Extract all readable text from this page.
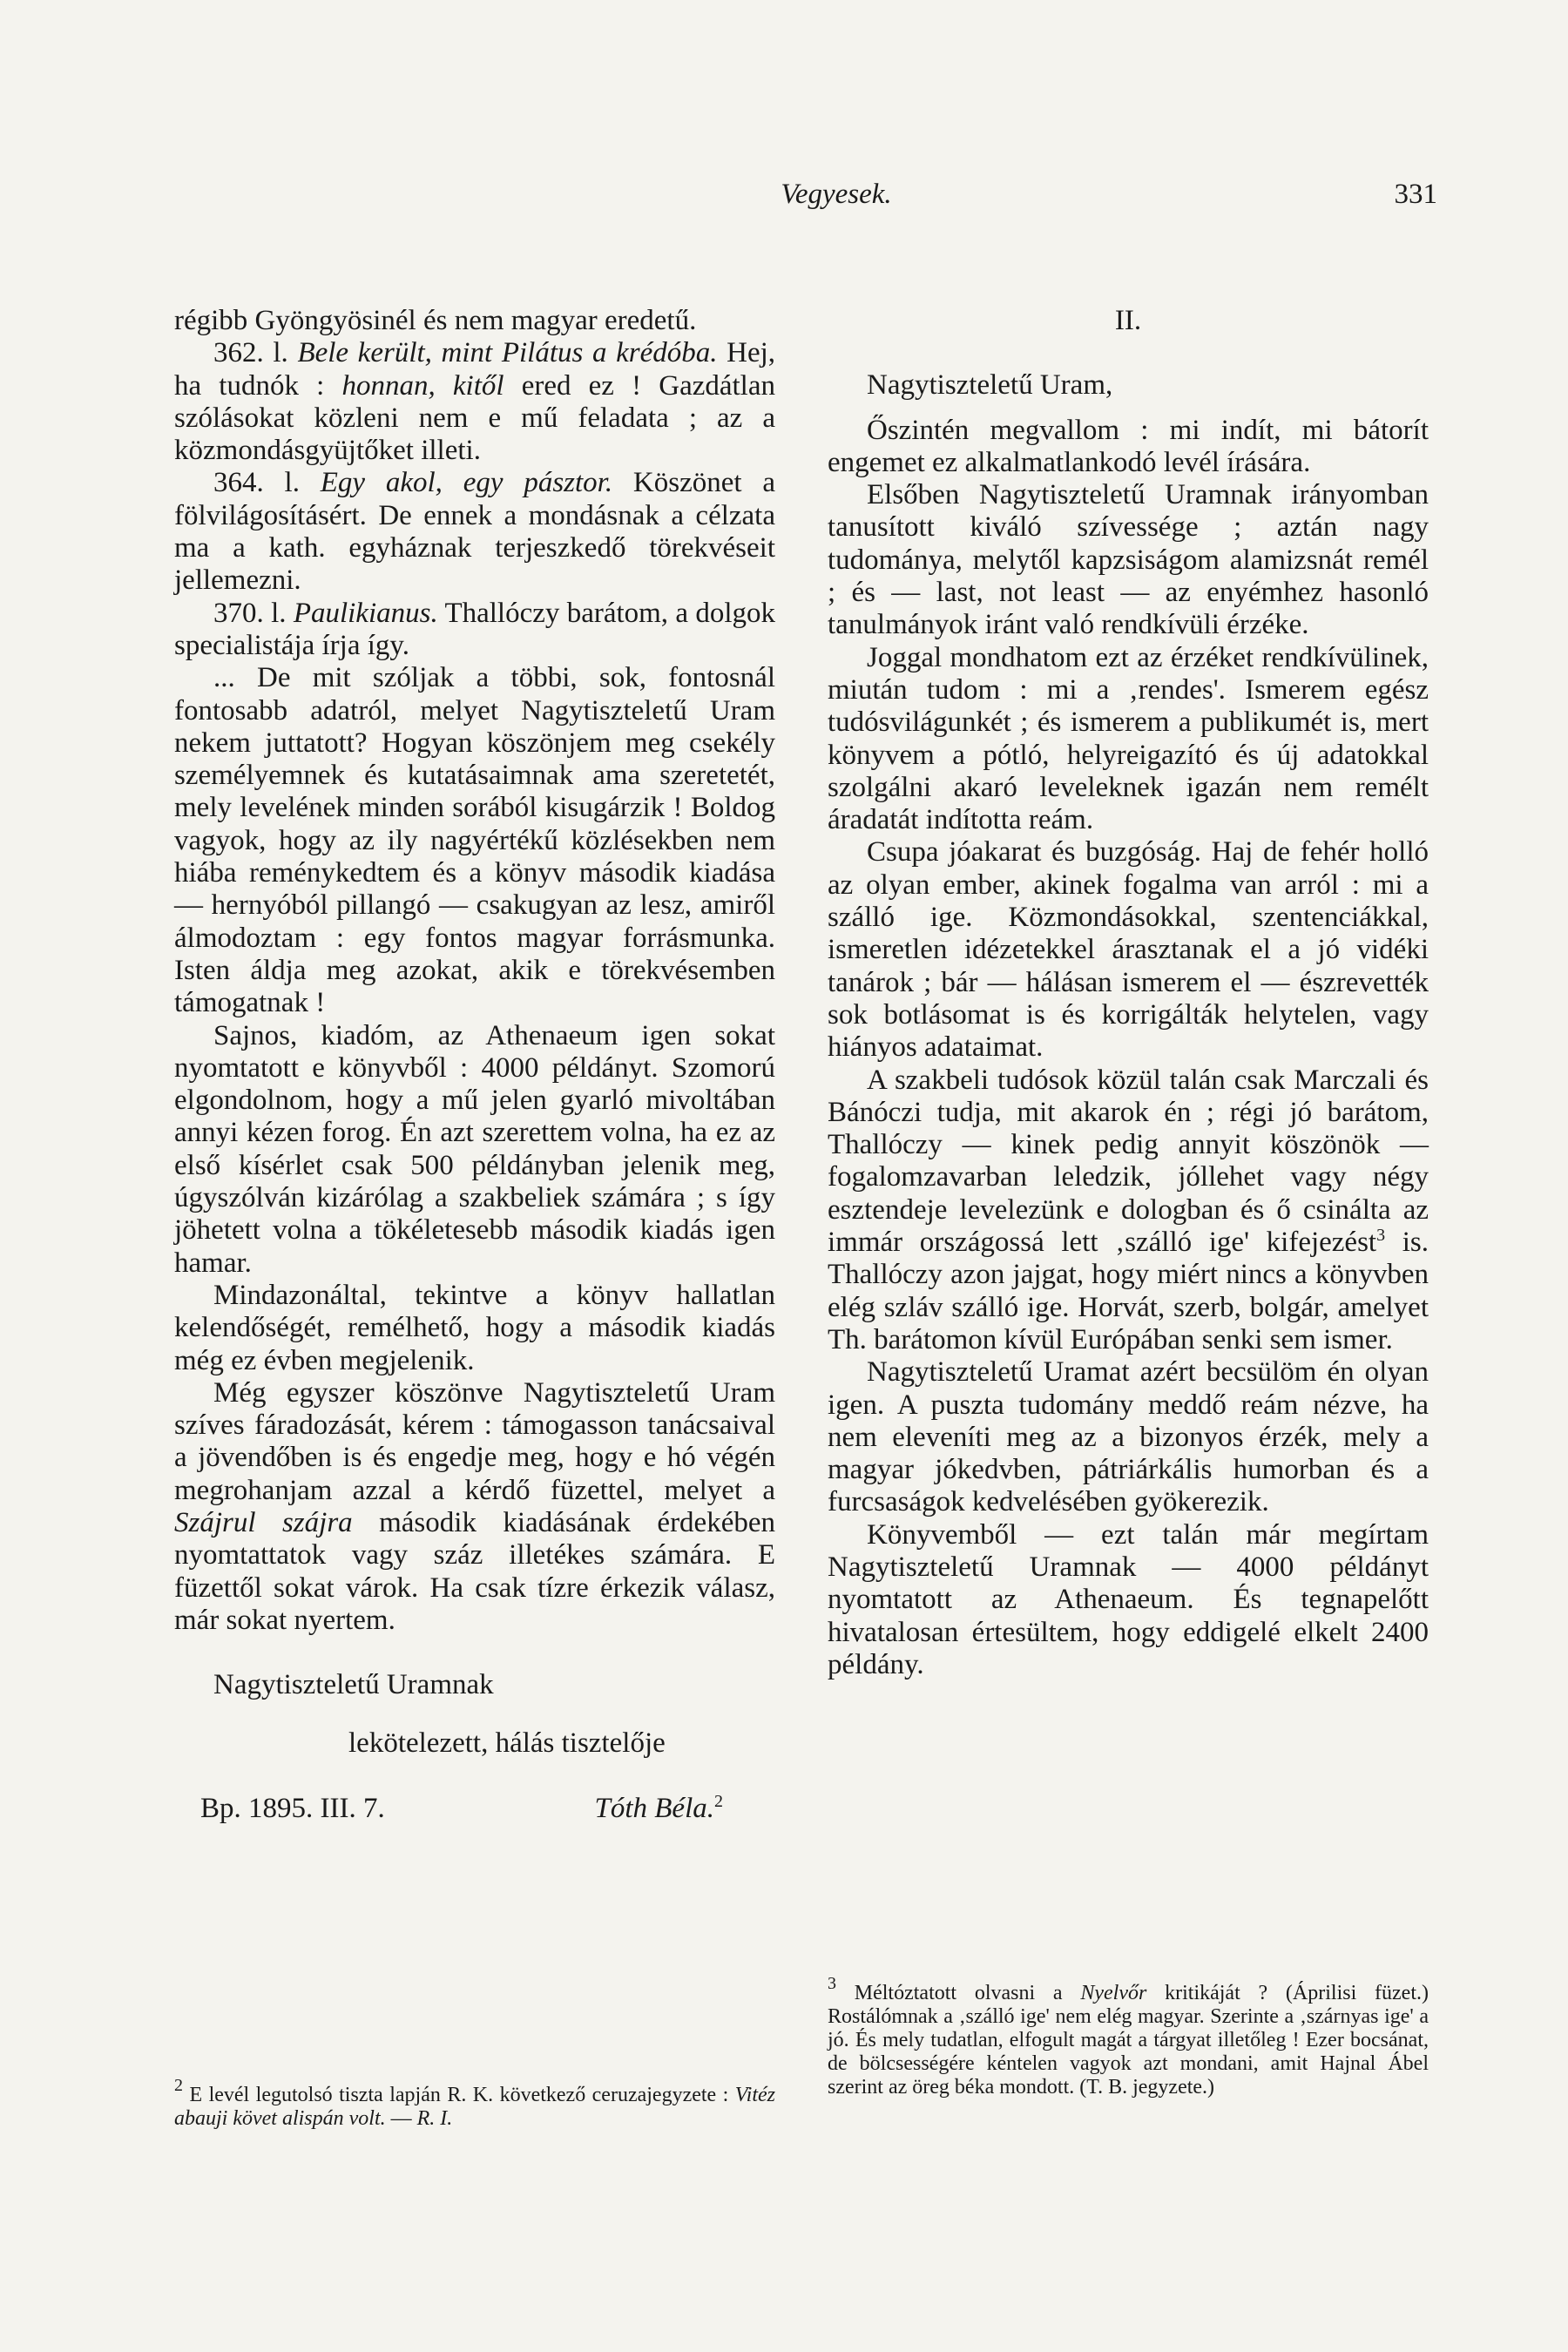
Vegyesek.	331

régibb Gyöngyösinél és nem magyar eredetű.

362. l. Bele került, mint Pilátus a krédóba. Hej, ha tudnók : honnan, kitől ered ez ! Gazdátlan szólásokat közleni nem e mű feladata ; az a közmondásgyüjtőket illeti.

364. l. Egy akol, egy pásztor. Köszönet a fölvilágosításért. De ennek a mondásnak a célzata ma a kath. egyháznak terjeszkedő törekvéseit jellemezni.

370. l. Paulikianus. Thallóczy barátom, a dolgok specialistája írja így.

... De mit szóljak a többi, sok, fontosnál fontosabb adatról, melyet Nagytiszteletű Uram nekem juttatott? Hogyan köszönjem meg csekély személyemnek és kutatásaimnak ama szeretetét, mely levelének minden sorából kisugárzik ! Boldog vagyok, hogy az ily nagyértékű közlésekben nem hiába reménykedtem és a könyv második kiadása — hernyóból pillangó — csakugyan az lesz, amiről álmodoztam : egy fontos magyar forrásmunka. Isten áldja meg azokat, akik e törekvésemben támogatnak !

Sajnos, kiadóm, az Athenaeum igen sokat nyomtatott e könyvből : 4000 példányt. Szomorú elgondolnom, hogy a mű jelen gyarló mivoltában annyi kézen forog. Én azt szerettem volna, ha ez az első kísérlet csak 500 példányban jelenik meg, úgyszólván kizárólag a szakbeliek számára ; s így jöhetett volna a tökéletesebb második kiadás igen hamar.

Mindazonáltal, tekintve a könyv hallatlan kelendőségét, remélhető, hogy a második kiadás még ez évben megjelenik.

Még egyszer köszönve Nagytiszteletű Uram szíves fáradozását, kérem : támogasson tanácsaival a jövendőben is és engedje meg, hogy e hó végén megrohanjam azzal a kérdő füzettel, melyet a Szájrul szájra második kiadásának érdekében nyomtattatok vagy száz illetékes számára. E füzettől sokat várok. Ha csak tízre érkezik válasz, már sokat nyertem.

Nagytiszteletű Uramnak

lekötelezett, hálás tisztelője

Bp. 1895. III. 7.	Tóth Béla.$^2$
$^2$ E levél legutolsó tiszta lapján R. K. következő ceruzajegyzete : Vitéz abauji követ alispán volt. — R. I.

II.

Nagytiszteletű Uram,

Őszintén megvallom : mi indít, mi bátorít engemet ez alkalmatlankodó levél írására.

Elsőben Nagytiszteletű Uramnak irányomban tanusított kiváló szívessége ; aztán nagy tudománya, melytől kapzsiságom alamizsnát remél ; és — last, not least — az enyémhez hasonló tanulmányok iránt való rendkívüli érzéke.

Joggal mondhatom ezt az érzéket rendkívülinek, miután tudom : mi a ‚rendes'. Ismerem egész tudósvilágunkét ; és ismerem a publikumét is, mert könyvem a pótló, helyreigazító és új adatokkal szolgálni akaró leveleknek igazán nem remélt áradatát indította reám.

Csupa jóakarat és buzgóság. Haj de fehér holló az olyan ember, akinek fogalma van arról : mi a szálló ige. Közmondásokkal, szentenciákkal, ismeretlen idézetekkel árasztanak el a jó vidéki tanárok ; bár — hálásan ismerem el — észrevették sok botlásomat is és korrigálták helytelen, vagy hiányos adataimat.

A szakbeli tudósok közül talán csak Marczali és Bánóczi tudja, mit akarok én ; régi jó barátom, Thallóczy — kinek pedig annyit köszönök — fogalomzavarban leledzik, jóllehet vagy négy esztendeje levelezünk e dologban és ő csinálta az immár országossá lett ‚szálló ige' kifejezést$^3$ is. Thallóczy azon jajgat, hogy miért nincs a könyvben elég szláv szálló ige. Horvát, szerb, bolgár, amelyet Th. barátomon kívül Európában senki sem ismer.

Nagytiszteletű Uramat azért becsülöm én olyan igen. A puszta tudomány meddő reám nézve, ha nem eleveníti meg az a bizonyos érzék, mely a magyar jókedvben, pátriárkális humorban és a furcsaságok kedvelésében gyökerezik.

Könyvemből — ezt talán már megírtam Nagytiszteletű Uramnak — 4000 példányt nyomtatott az Athenaeum. És tegnapelőtt hivatalosan értesültem, hogy eddigelé elkelt 2400 példány.

$^3$ Méltóztatott olvasni a Nyelvőr kritikáját ? (Áprilisi füzet.) Rostálómnak a ‚szálló ige' nem elég magyar. Szerinte a ‚szárnyas ige' a jó. És mely tudatlan, elfogult magát a tárgyat illetőleg ! Ezer bocsánat, de bölcsességére kéntelen vagyok azt mondani, amit Hajnal Ábel szerint az öreg béka mondott. (T. B. jegyzete.)
